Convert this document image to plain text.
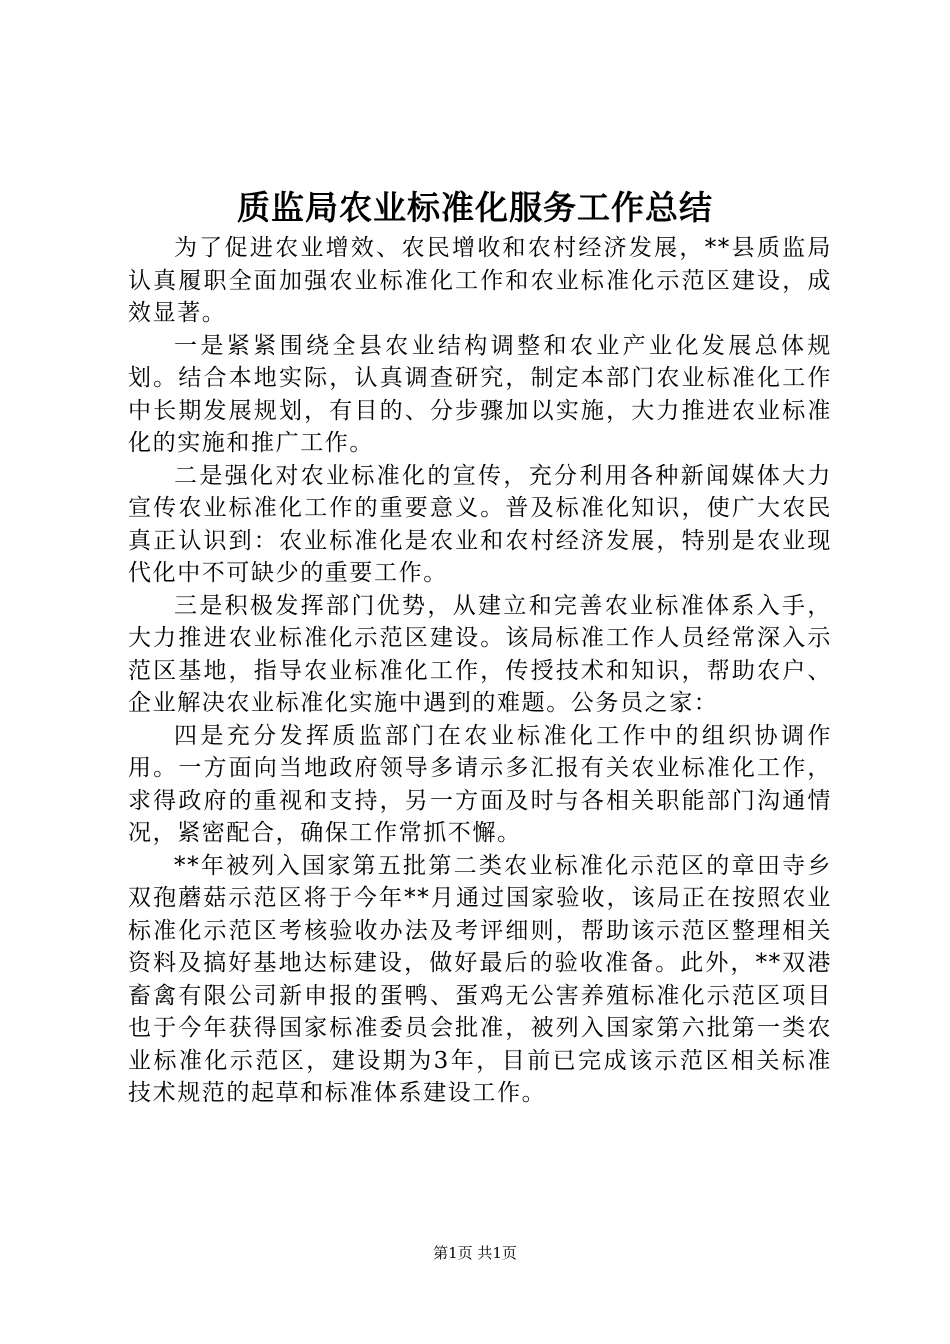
质监局农业标准化服务工作总结

为了促进农业增效、农民增收和农村经济发展，**县质监局认真履职全面加强农业标准化工作和农业标准化示范区建设，成效显著。

一是紧紧围绕全县农业结构调整和农业产业化发展总体规划。结合本地实际，认真调查研究，制定本部门农业标准化工作中长期发展规划，有目的、分步骤加以实施，大力推进农业标准化的实施和推广工作。

二是强化对农业标准化的宣传，充分利用各种新闻媒体大力宣传农业标准化工作的重要意义。普及标准化知识，使广大农民真正认识到：农业标准化是农业和农村经济发展，特别是农业现代化中不可缺少的重要工作。

三是积极发挥部门优势，从建立和完善农业标准体系入手，大力推进农业标准化示范区建设。该局标准工作人员经常深入示范区基地，指导农业标准化工作，传授技术和知识，帮助农户、企业解决农业标准化实施中遇到的难题。公务员之家：

四是充分发挥质监部门在农业标准化工作中的组织协调作用。一方面向当地政府领导多请示多汇报有关农业标准化工作，求得政府的重视和支持，另一方面及时与各相关职能部门沟通情况，紧密配合，确保工作常抓不懈。

**年被列入国家第五批第二类农业标准化示范区的章田寺乡双孢蘑菇示范区将于今年**月通过国家验收，该局正在按照农业标准化示范区考核验收办法及考评细则，帮助该示范区整理相关资料及搞好基地达标建设，做好最后的验收准备。此外，**双港畜禽有限公司新申报的蛋鸭、蛋鸡无公害养殖标准化示范区项目也于今年获得国家标准委员会批准，被列入国家第六批第一类农业标准化示范区，建设期为3年，目前已完成该示范区相关标准技术规范的起草和标准体系建设工作。

第1页 共1页
